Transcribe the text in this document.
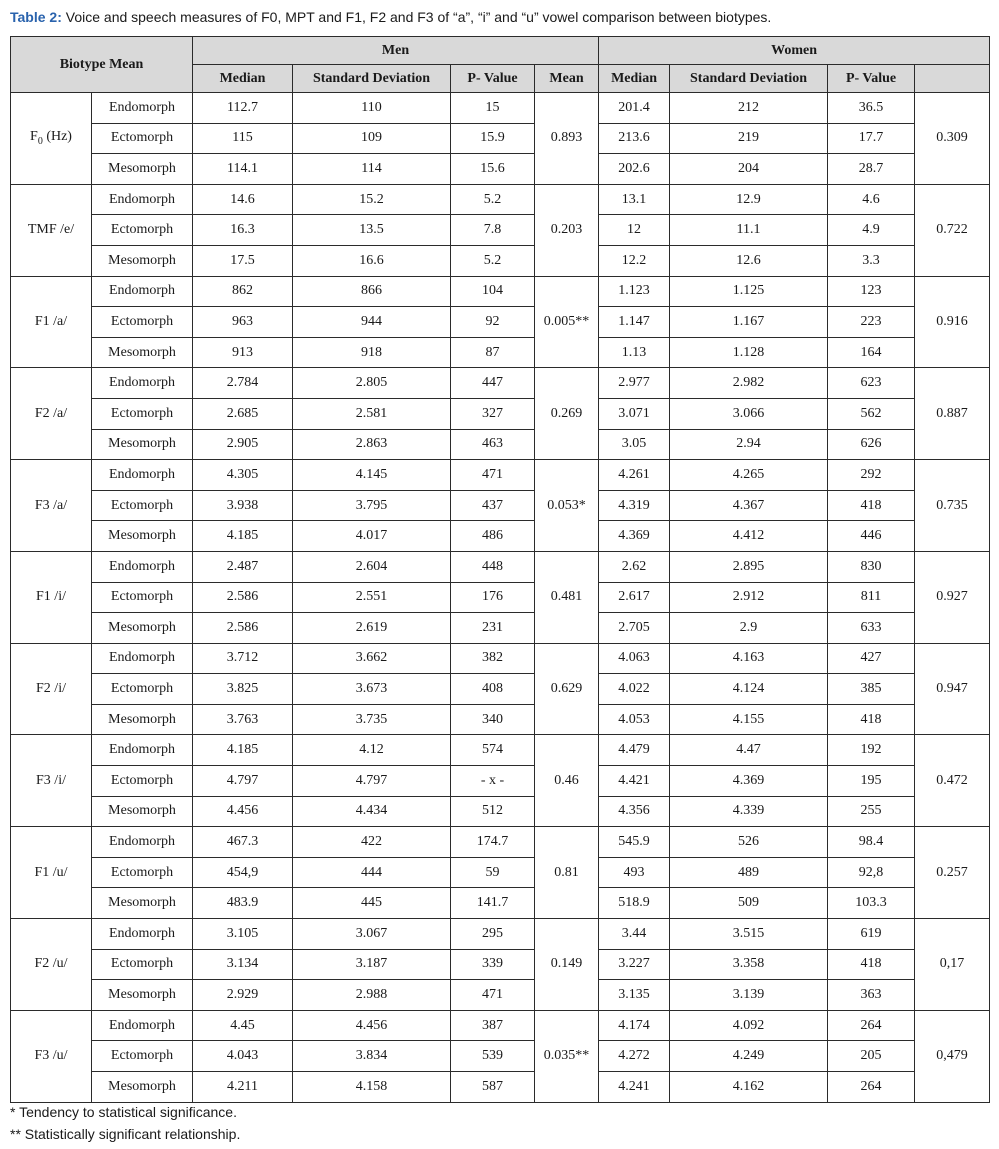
Table 2: Voice and speech measures of F0, MPT and F1, F2 and F3 of “a”, “i” and “u” vowel comparison between biotypes.
Biotype Mean		Men				Women			
		Median	Standard Deviation	P- Value	Mean	Median	Standard Deviation	P- Value	
$F_0$ (Hz)	Endomorph	112.7	110	15	0.893	201.4	212	36.5	0.309
	Ectomorph	115	109	15.9		213.6	219	17.7	
	Mesomorph	114.1	114	15.6		202.6	204	28.7	
TMF /e/	Endomorph	14.6	15.2	5.2	0.203	13.1	12.9	4.6	0.722
	Ectomorph	16.3	13.5	7.8		12	11.1	4.9	
	Mesomorph	17.5	16.6	5.2		12.2	12.6	3.3	
F1 /a/	Endomorph	862	866	104	0.005**	1.123	1.125	123	0.916
	Ectomorph	963	944	92		1.147	1.167	223	
	Mesomorph	913	918	87		1.13	1.128	164	
F2 /a/	Endomorph	2.784	2.805	447	0.269	2.977	2.982	623	0.887
	Ectomorph	2.685	2.581	327		3.071	3.066	562	
	Mesomorph	2.905	2.863	463		3.05	2.94	626	
F3 /a/	Endomorph	4.305	4.145	471	0.053*	4.261	4.265	292	0.735
	Ectomorph	3.938	3.795	437		4.319	4.367	418	
	Mesomorph	4.185	4.017	486		4.369	4.412	446	
F1 /i/	Endomorph	2.487	2.604	448	0.481	2.62	2.895	830	0.927
	Ectomorph	2.586	2.551	176		2.617	2.912	811	
	Mesomorph	2.586	2.619	231		2.705	2.9	633	
F2 /i/	Endomorph	3.712	3.662	382	0.629	4.063	4.163	427	0.947
	Ectomorph	3.825	3.673	408		4.022	4.124	385	
	Mesomorph	3.763	3.735	340		4.053	4.155	418	
F3 /i/	Endomorph	4.185	4.12	574	0.46	4.479	4.47	192	0.472
	Ectomorph	4.797	4.797	- x -		4.421	4.369	195	
	Mesomorph	4.456	4.434	512		4.356	4.339	255	
F1 /u/	Endomorph	467.3	422	174.7	0.81	545.9	526	98.4	0.257
	Ectomorph	454,9	444	59		493	489	92,8	
	Mesomorph	483.9	445	141.7		518.9	509	103.3	
F2 /u/	Endomorph	3.105	3.067	295	0.149	3.44	3.515	619	0,17
	Ectomorph	3.134	3.187	339		3.227	3.358	418	
	Mesomorph	2.929	2.988	471		3.135	3.139	363	
F3 /u/	Endomorph	4.45	4.456	387	0.035**	4.174	4.092	264	0,479
	Ectomorph	4.043	3.834	539		4.272	4.249	205	
	Mesomorph	4.211	4.158	587		4.241	4.162	264	
* Tendency to statistical significance.
** Statistically significant relationship.
